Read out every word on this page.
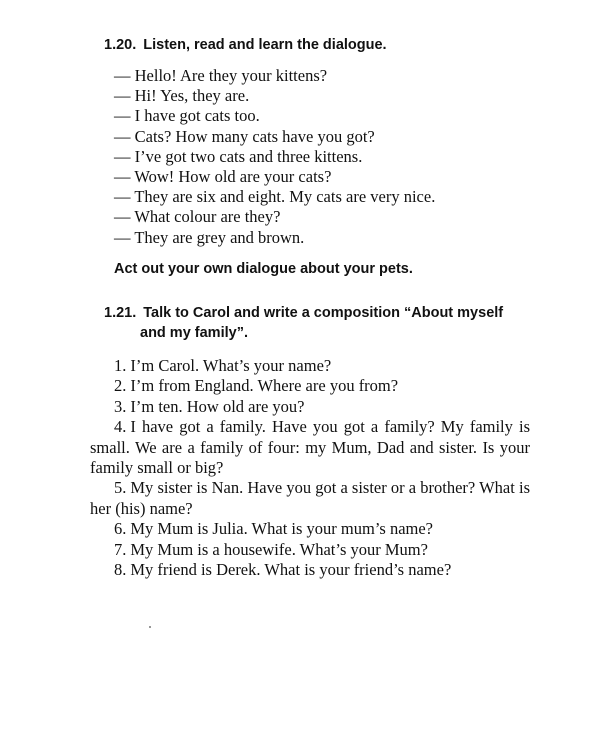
1.20. Listen, read and learn the dialogue.
— Hello! Are they your kittens?
— Hi! Yes, they are.
— I have got cats too.
— Cats? How many cats have you got?
— I’ve got two cats and three kittens.
— Wow! How old are your cats?
— They are six and eight. My cats are very nice.
— What colour are they?
— They are grey and brown.
Act out your own dialogue about your pets.
1.21. Talk to Carol and write a composition “About myself
and my family”.
1. I’m Carol. What’s your name?
2. I’m from England. Where are you from?
3. I’m ten. How old are you?
4. I have got a family. Have you got a family? My family is small. We are a family of four: my Mum, Dad and sister. Is your family small or big?
5. My sister is Nan. Have you got a sister or a brother? What is her (his) name?
6. My Mum is Julia. What is your mum’s name?
7. My Mum is a housewife. What’s your Mum?
8. My friend is Derek. What is your friend’s name?
